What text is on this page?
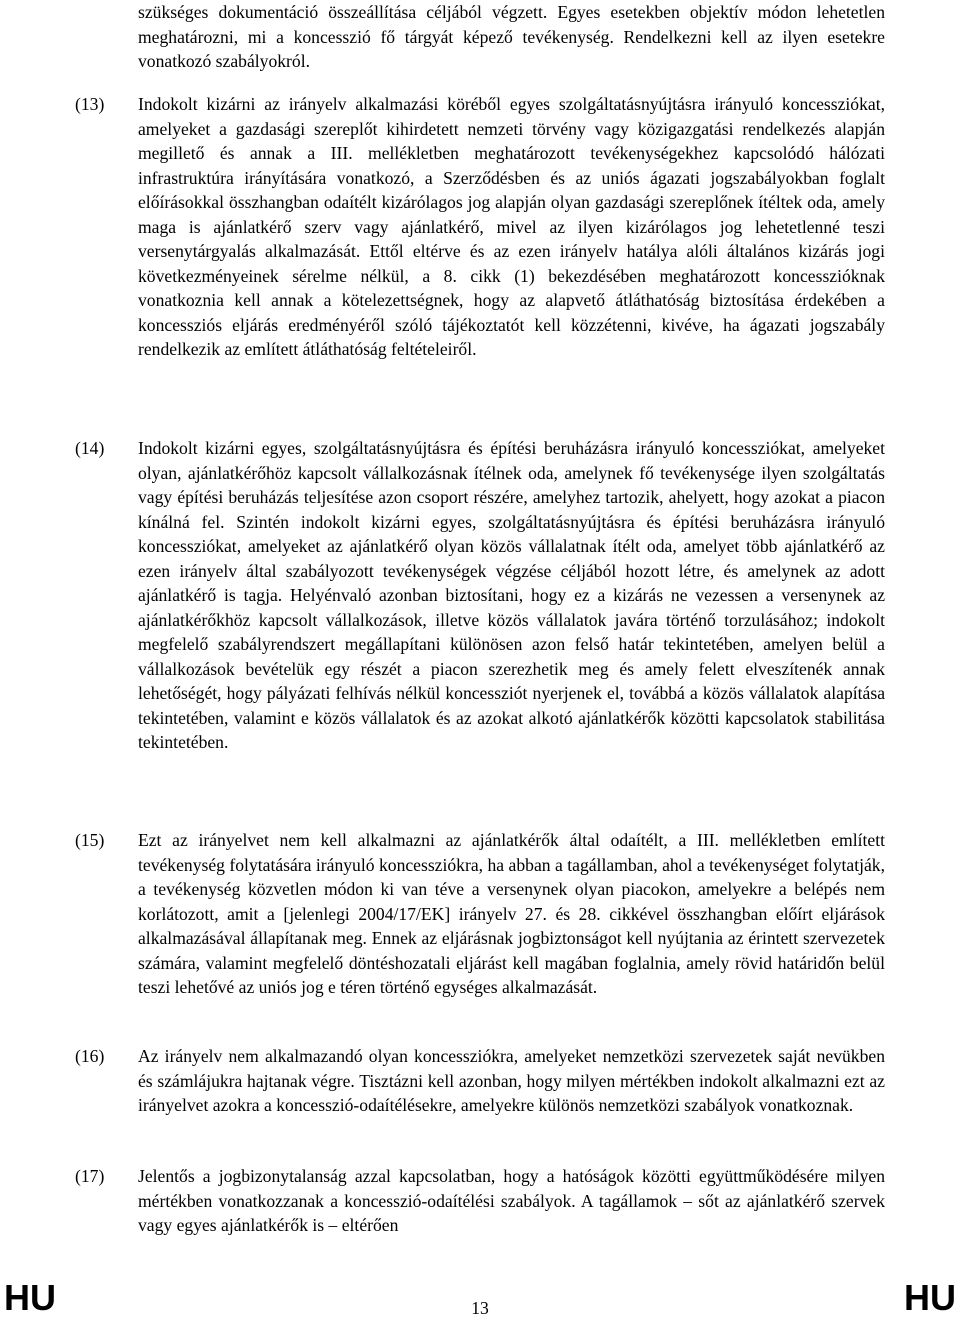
szükséges dokumentáció összeállítása céljából végzett. Egyes esetekben objektív módon lehetetlen meghatározni, mi a koncesszió fő tárgyát képező tevékenység. Rendelkezni kell az ilyen esetekre vonatkozó szabályokról.

(13) Indokolt kizárni az irányelv alkalmazási köréből egyes szolgáltatásnyújtásra irányuló koncessziókat, amelyeket a gazdasági szereplőt kihirdetett nemzeti törvény vagy közigazgatási rendelkezés alapján megillető és annak a III. mellékletben meghatározott tevékenységekhez kapcsolódó hálózati infrastruktúra irányítására vonatkozó, a Szerződésben és az uniós ágazati jogszabályokban foglalt előírásokkal összhangban odaítélt kizárólagos jog alapján olyan gazdasági szereplőnek ítéltek oda, amely maga is ajánlatkérő szerv vagy ajánlatkérő, mivel az ilyen kizárólagos jog lehetetlenné teszi versenytárgyalás alkalmazását. Ettől eltérve és az ezen irányelv hatálya alóli általános kizárás jogi következményeinek sérelme nélkül, a 8. cikk (1) bekezdésében meghatározott koncesszióknak vonatkoznia kell annak a kötelezettségnek, hogy az alapvető átláthatóság biztosítása érdekében a koncessziós eljárás eredményéről szóló tájékoztatót kell közzétenni, kivéve, ha ágazati jogszabály rendelkezik az említett átláthatóság feltételeiről.

(14) Indokolt kizárni egyes, szolgáltatásnyújtásra és építési beruházásra irányuló koncessziókat, amelyeket olyan, ajánlatkérőhöz kapcsolt vállalkozásnak ítélnek oda, amelynek fő tevékenysége ilyen szolgáltatás vagy építési beruházás teljesítése azon csoport részére, amelyhez tartozik, ahelyett, hogy azokat a piacon kínálná fel. Szintén indokolt kizárni egyes, szolgáltatásnyújtásra és építési beruházásra irányuló koncessziókat, amelyeket az ajánlatkérő olyan közös vállalatnak ítélt oda, amelyet több ajánlatkérő az ezen irányelv által szabályozott tevékenységek végzése céljából hozott létre, és amelynek az adott ajánlatkérő is tagja. Helyénvaló azonban biztosítani, hogy ez a kizárás ne vezessen a versenynek az ajánlatkérőkhöz kapcsolt vállalkozások, illetve közös vállalatok javára történő torzulásához; indokolt megfelelő szabályrendszert megállapítani különösen azon felső határ tekintetében, amelyen belül a vállalkozások bevételük egy részét a piacon szerezhetik meg és amely felett elveszítenék annak lehetőségét, hogy pályázati felhívás nélkül koncessziót nyerjenek el, továbbá a közös vállalatok alapítása tekintetében, valamint e közös vállalatok és az azokat alkotó ajánlatkérők közötti kapcsolatok stabilitása tekintetében.

(15) Ezt az irányelvet nem kell alkalmazni az ajánlatkérők által odaítélt, a III. mellékletben említett tevékenység folytatására irányuló koncessziókra, ha abban a tagállamban, ahol a tevékenységet folytatják, a tevékenység közvetlen módon ki van téve a versenynek olyan piacokon, amelyekre a belépés nem korlátozott, amit a [jelenlegi 2004/17/EK] irányelv 27. és 28. cikkével összhangban előírt eljárások alkalmazásával állapítanak meg. Ennek az eljárásnak jogbiztonságot kell nyújtania az érintett szervezetek számára, valamint megfelelő döntéshozatali eljárást kell magában foglalnia, amely rövid határidőn belül teszi lehetővé az uniós jog e téren történő egységes alkalmazását.

(16) Az irányelv nem alkalmazandó olyan koncessziókra, amelyeket nemzetközi szervezetek saját nevükben és számlájukra hajtanak végre. Tisztázni kell azonban, hogy milyen mértékben indokolt alkalmazni ezt az irányelvet azokra a koncesszió-odaítélésekre, amelyekre különös nemzetközi szabályok vonatkoznak.

(17) Jelentős a jogbizonytalanság azzal kapcsolatban, hogy a hatóságok közötti együttműködésére milyen mértékben vonatkozzanak a koncesszió-odaítélési szabályok. A tagállamok – sőt az ajánlatkérő szervek vagy egyes ajánlatkérők is – eltérően

HU	13	HU
